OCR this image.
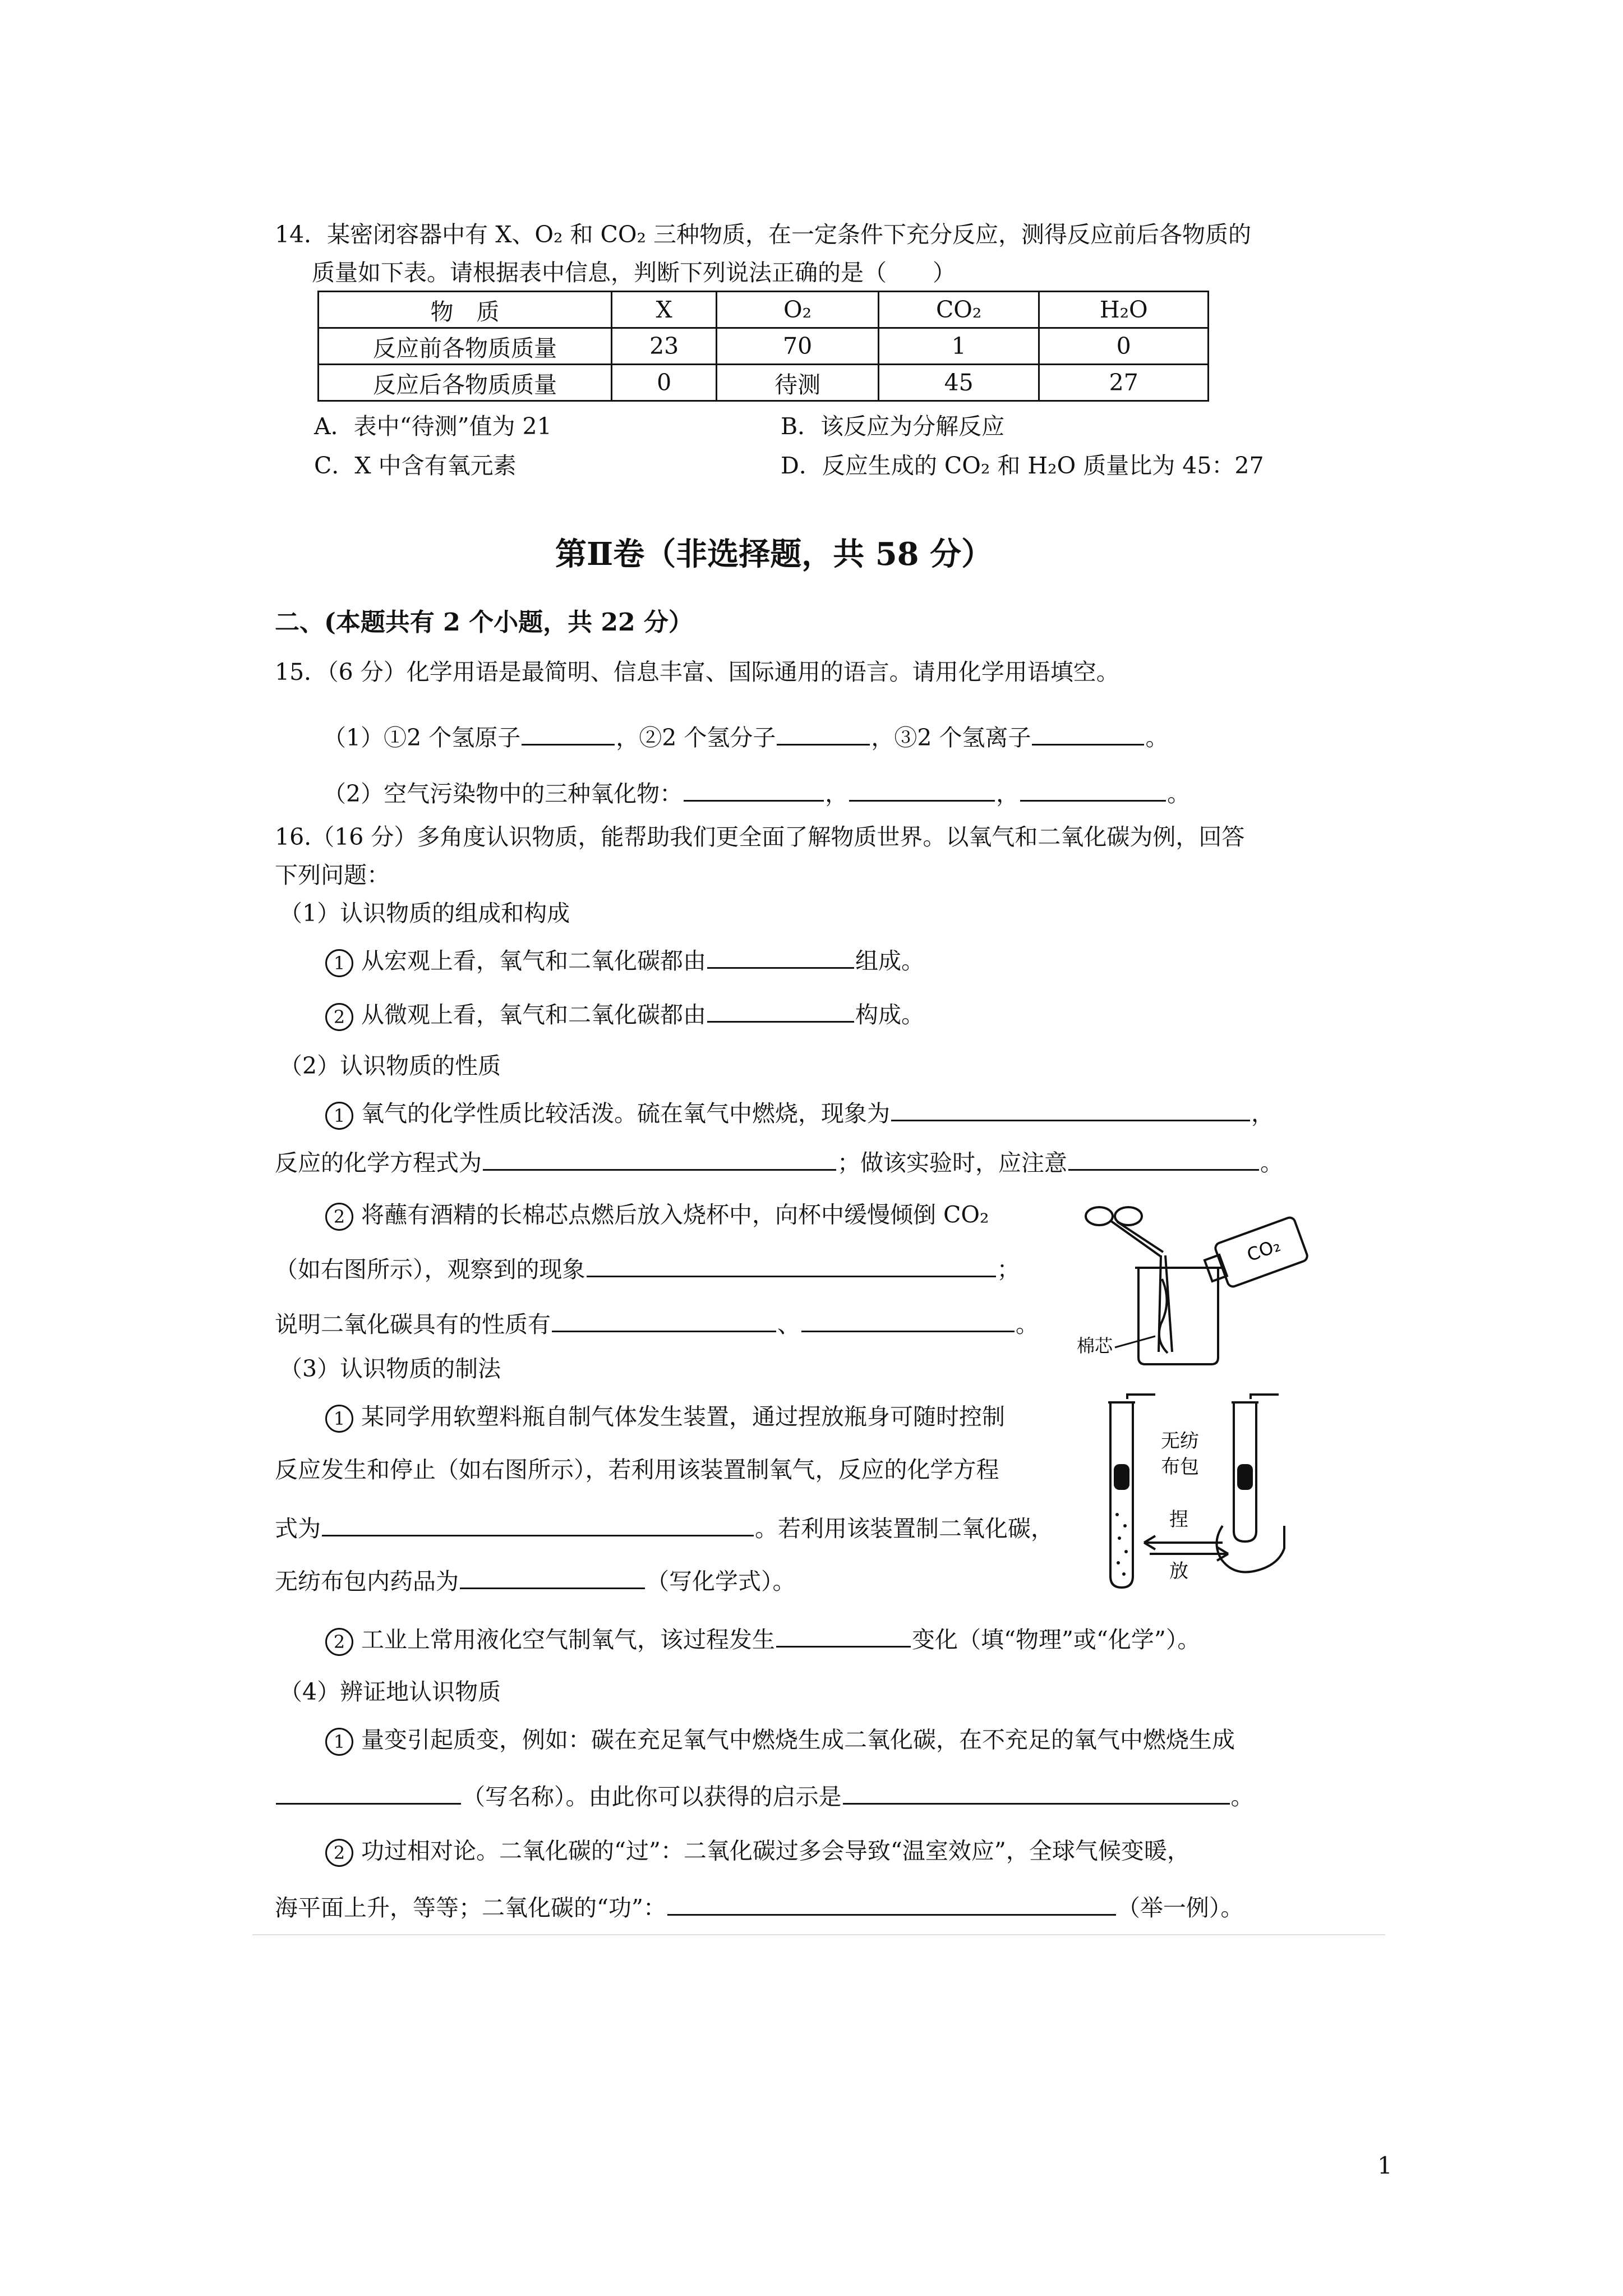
14．某密闭容器中有 X、O₂ 和 CO₂ 三种物质，在一定条件下充分反应，测得反应前后各物质的
质量如下表。请根据表中信息，判断下列说法正确的是（　　）
物　质	X	O₂	CO₂	H₂O
反应前各物质质量	23	70	1	0
反应后各物质质量	0	待测	45	27
A．表中“待测”值为 21	B．该反应为分解反应
C．X 中含有氧元素	D．反应生成的 CO₂ 和 H₂O 质量比为 45：27
第Ⅱ卷（非选择题，共 58 分）
二、(本题共有 2 个小题，共 22 分）
15．（6 分）化学用语是最简明、信息丰富、国际通用的语言。请用化学用语填空。
（1）①2 个氢原子	，②2 个氢分子	，③2 个氢离子	。
（2）空气污染物中的三种氧化物：	，	，	。
16.（16 分）多角度认识物质，能帮助我们更全面了解物质世界。以氧气和二氧化碳为例，回答
下列问题：
（1）认识物质的组成和构成
1 从宏观上看，氧气和二氧化碳都由	组成。
2 从微观上看，氧气和二氧化碳都由	构成。
（2）认识物质的性质
1 氧气的化学性质比较活泼。硫在氧气中燃烧，现象为	，
反应的化学方程式为	；做该实验时，应注意	。
2 将蘸有酒精的长棉芯点燃后放入烧杯中，向杯中缓慢倾倒 CO₂
（如右图所示），观察到的现象	；
说明二氧化碳具有的性质有	、	。
CO₂
棉芯
（3）认识物质的制法
1 某同学用软塑料瓶自制气体发生装置，通过捏放瓶身可随时控制
反应发生和停止（如右图所示），若利用该装置制氧气，反应的化学方程
式为	。若利用该装置制二氧化碳，
无纺布包内药品为	（写化学式）。
无纺
布包
捏
放
2 工业上常用液化空气制氧气，该过程发生	变化（填“物理”或“化学”）。
（4）辨证地认识物质
1 量变引起质变，例如：碳在充足氧气中燃烧生成二氧化碳，在不充足的氧气中燃烧生成
（写名称）。由此你可以获得的启示是	。
2 功过相对论。二氧化碳的“过”：二氧化碳过多会导致“温室效应”，全球气候变暖，
海平面上升，等等；二氧化碳的“功”：	（举一例）。
1
